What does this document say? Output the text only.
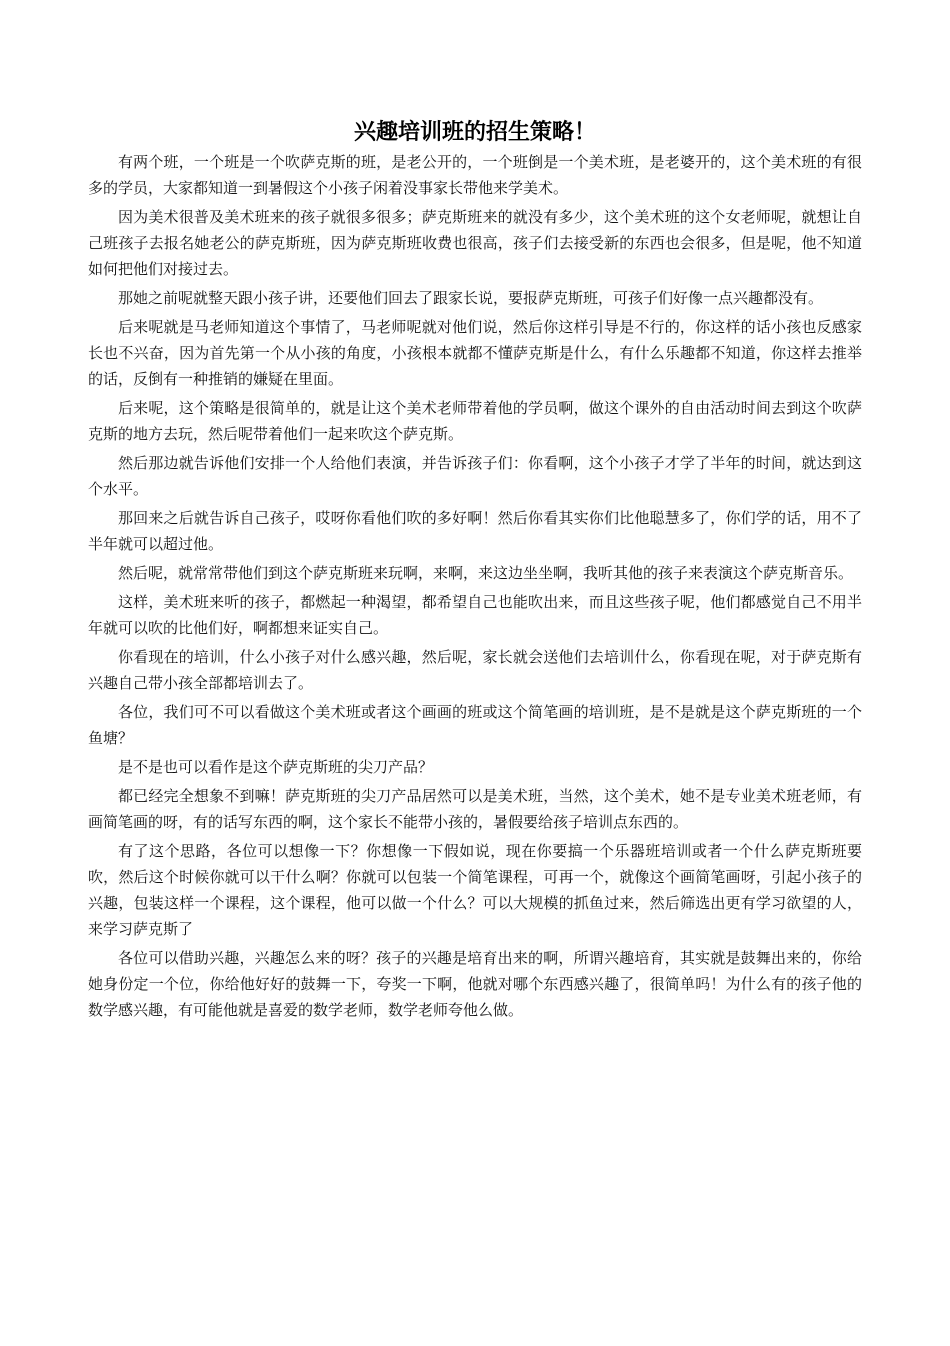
兴趣培训班的招生策略！

有两个班，一个班是一个吹萨克斯的班，是老公开的，一个班倒是一个美术班，是老婆开的，这个美术班的有很多的学员，大家都知道一到暑假这个小孩子闲着没事家长带他来学美术。

因为美术很普及美术班来的孩子就很多很多；萨克斯班来的就没有多少，这个美术班的这个女老师呢，就想让自己班孩子去报名她老公的萨克斯班，因为萨克斯班收费也很高，孩子们去接受新的东西也会很多，但是呢，他不知道如何把他们对接过去。

那她之前呢就整天跟小孩子讲，还要他们回去了跟家长说，要报萨克斯班，可孩子们好像一点兴趣都没有。

后来呢就是马老师知道这个事情了，马老师呢就对他们说，然后你这样引导是不行的，你这样的话小孩也反感家长也不兴奋，因为首先第一个从小孩的角度，小孩根本就都不懂萨克斯是什么，有什么乐趣都不知道，你这样去推举的话，反倒有一种推销的嫌疑在里面。

后来呢，这个策略是很简单的，就是让这个美术老师带着他的学员啊，做这个课外的自由活动时间去到这个吹萨克斯的地方去玩，然后呢带着他们一起来吹这个萨克斯。

然后那边就告诉他们安排一个人给他们表演，并告诉孩子们：你看啊，这个小孩子才学了半年的时间，就达到这个水平。

那回来之后就告诉自己孩子，哎呀你看他们吹的多好啊！然后你看其实你们比他聪慧多了，你们学的话，用不了半年就可以超过他。

然后呢，就常常带他们到这个萨克斯班来玩啊，来啊，来这边坐坐啊，我听其他的孩子来表演这个萨克斯音乐。

这样，美术班来听的孩子，都燃起一种渴望，都希望自己也能吹出来，而且这些孩子呢，他们都感觉自己不用半年就可以吹的比他们好，啊都想来证实自己。

你看现在的培训，什么小孩子对什么感兴趣，然后呢，家长就会送他们去培训什么，你看现在呢，对于萨克斯有兴趣自己带小孩全部都培训去了。

各位，我们可不可以看做这个美术班或者这个画画的班或这个简笔画的培训班，是不是就是这个萨克斯班的一个鱼塘？

是不是也可以看作是这个萨克斯班的尖刀产品？

都已经完全想象不到嘛！萨克斯班的尖刀产品居然可以是美术班，当然，这个美术，她不是专业美术班老师，有画简笔画的呀，有的话写东西的啊，这个家长不能带小孩的，暑假要给孩子培训点东西的。

有了这个思路，各位可以想像一下？你想像一下假如说，现在你要搞一个乐器班培训或者一个什么萨克斯班要吹，然后这个时候你就可以干什么啊？你就可以包装一个简笔课程，可再一个，就像这个画简笔画呀，引起小孩子的兴趣，包装这样一个课程，这个课程，他可以做一个什么？可以大规模的抓鱼过来，然后筛选出更有学习欲望的人，来学习萨克斯了

各位可以借助兴趣，兴趣怎么来的呀？孩子的兴趣是培育出来的啊，所谓兴趣培育，其实就是鼓舞出来的，你给她身份定一个位，你给他好好的鼓舞一下，夸奖一下啊，他就对哪个东西感兴趣了，很简单吗！为什么有的孩子他的数学感兴趣，有可能他就是喜爱的数学老师，数学老师夸他么做。
